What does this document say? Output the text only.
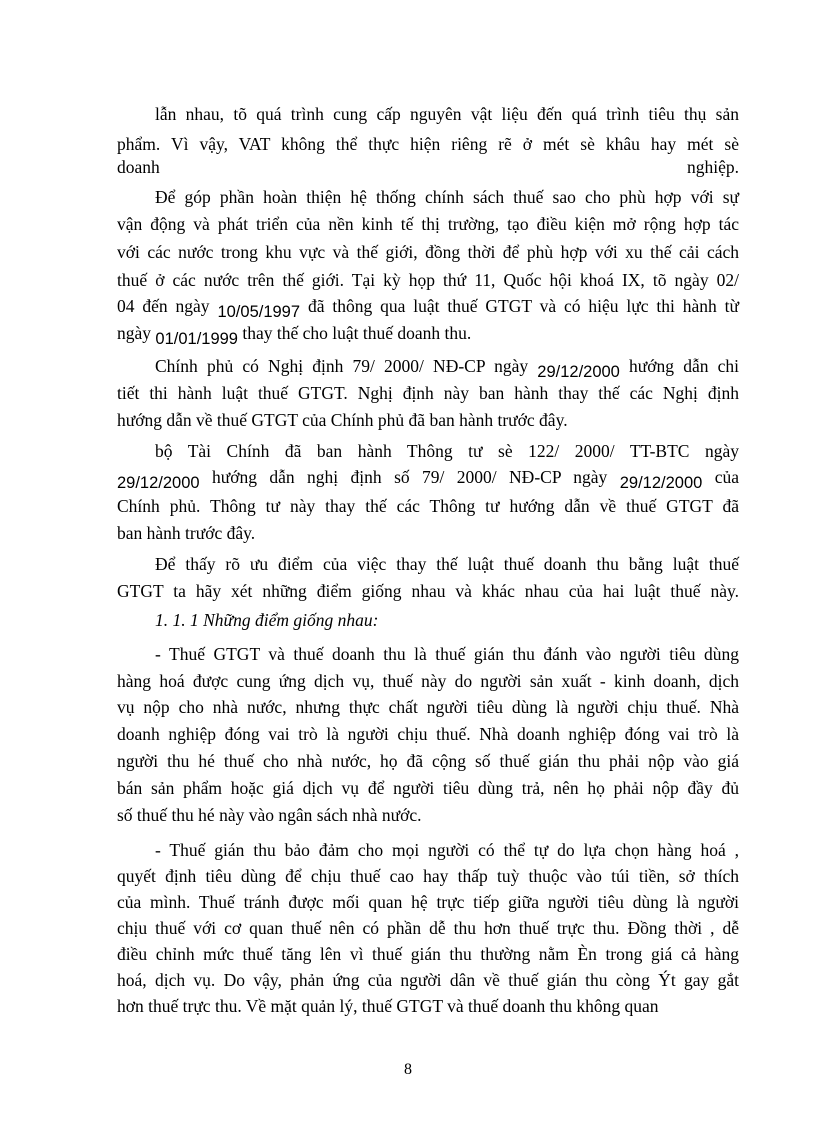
lẫn nhau, tõ quá trình cung cấp nguyên vật liệu đến quá trình tiêu thụ sản
phẩm. Vì vậy, VAT không thể thực hiện riêng rẽ ở mét sè khâu hay mét sè
doanh	nghiệp.
Để góp phần hoàn thiện hệ thống chính sách thuế sao cho phù hợp với sự
vận động và phát triển của nền kinh tế thị trường, tạo điều kiện mở rộng hợp tác
với các nước trong khu vực và thế giới, đồng thời để phù hợp với xu thế cải cách
thuế ở các nước trên thế giới. Tại kỳ họp thứ 11, Quốc hội khoá IX, tõ ngày 02/
04 đến ngày 10/05/1997 đã thông qua luật thuế GTGT và có hiệu lực thi hành từ
ngày 01/01/1999 thay thế cho luật thuế doanh thu.
Chính phủ có Nghị định 79/ 2000/ NĐ-CP ngày 29/12/2000 hướng dẫn chi
tiết thi hành luật thuế GTGT. Nghị định này ban hành thay thế các Nghị định
hướng dẫn về thuế GTGT của Chính phủ đã ban hành trước đây.
bộ Tài Chính đã ban hành Thông tư sè 122/ 2000/ TT-BTC ngày
29/12/2000 hướng dẫn nghị định số 79/ 2000/ NĐ-CP ngày 29/12/2000 của
Chính phủ. Thông tư này thay thế các Thông tư hướng dẫn về thuế GTGT đã
ban hành trước đây.
Để thấy rõ ưu điểm của việc thay thế luật thuế doanh thu bằng luật thuế
GTGT ta hãy xét những điểm giống nhau và khác nhau của hai luật thuế này.
1. 1. 1 Những điểm giống nhau:
- Thuế GTGT và thuế doanh thu là thuế gián thu đánh vào người tiêu dùng
hàng hoá được cung ứng dịch vụ, thuế này do người sản xuất - kinh doanh, dịch
vụ nộp cho nhà nước, nhưng thực chất người tiêu dùng là người chịu thuế. Nhà
doanh nghiệp đóng vai trò là người chịu thuế. Nhà doanh nghiệp đóng vai trò là
người thu hé thuế cho nhà nước, họ đã cộng số thuế gián thu phải nộp vào giá
bán sản phẩm hoặc giá dịch vụ để người tiêu dùng trả, nên họ phải nộp đầy đủ
số thuế thu hé này vào ngân sách nhà nước.
- Thuế gián thu bảo đảm cho mọi người có thể tự do lựa chọn hàng hoá ,
quyết định tiêu dùng để chịu thuế cao hay thấp tuỳ thuộc vào túi tiền, sở thích
của mình. Thuế tránh được mối quan hệ trực tiếp giữa người tiêu dùng là người
chịu thuế với cơ quan thuế nên có phần dễ thu hơn thuế trực thu. Đồng thời , dễ
điều chỉnh mức thuế tăng lên vì thuế gián thu thường nằm Èn trong giá cả hàng
hoá, dịch vụ. Do vậy, phản ứng của người dân về thuế gián thu còng Ýt gay gắt
hơn thuế trực thu. Về mặt quản lý, thuế GTGT và thuế doanh thu không quan
8
